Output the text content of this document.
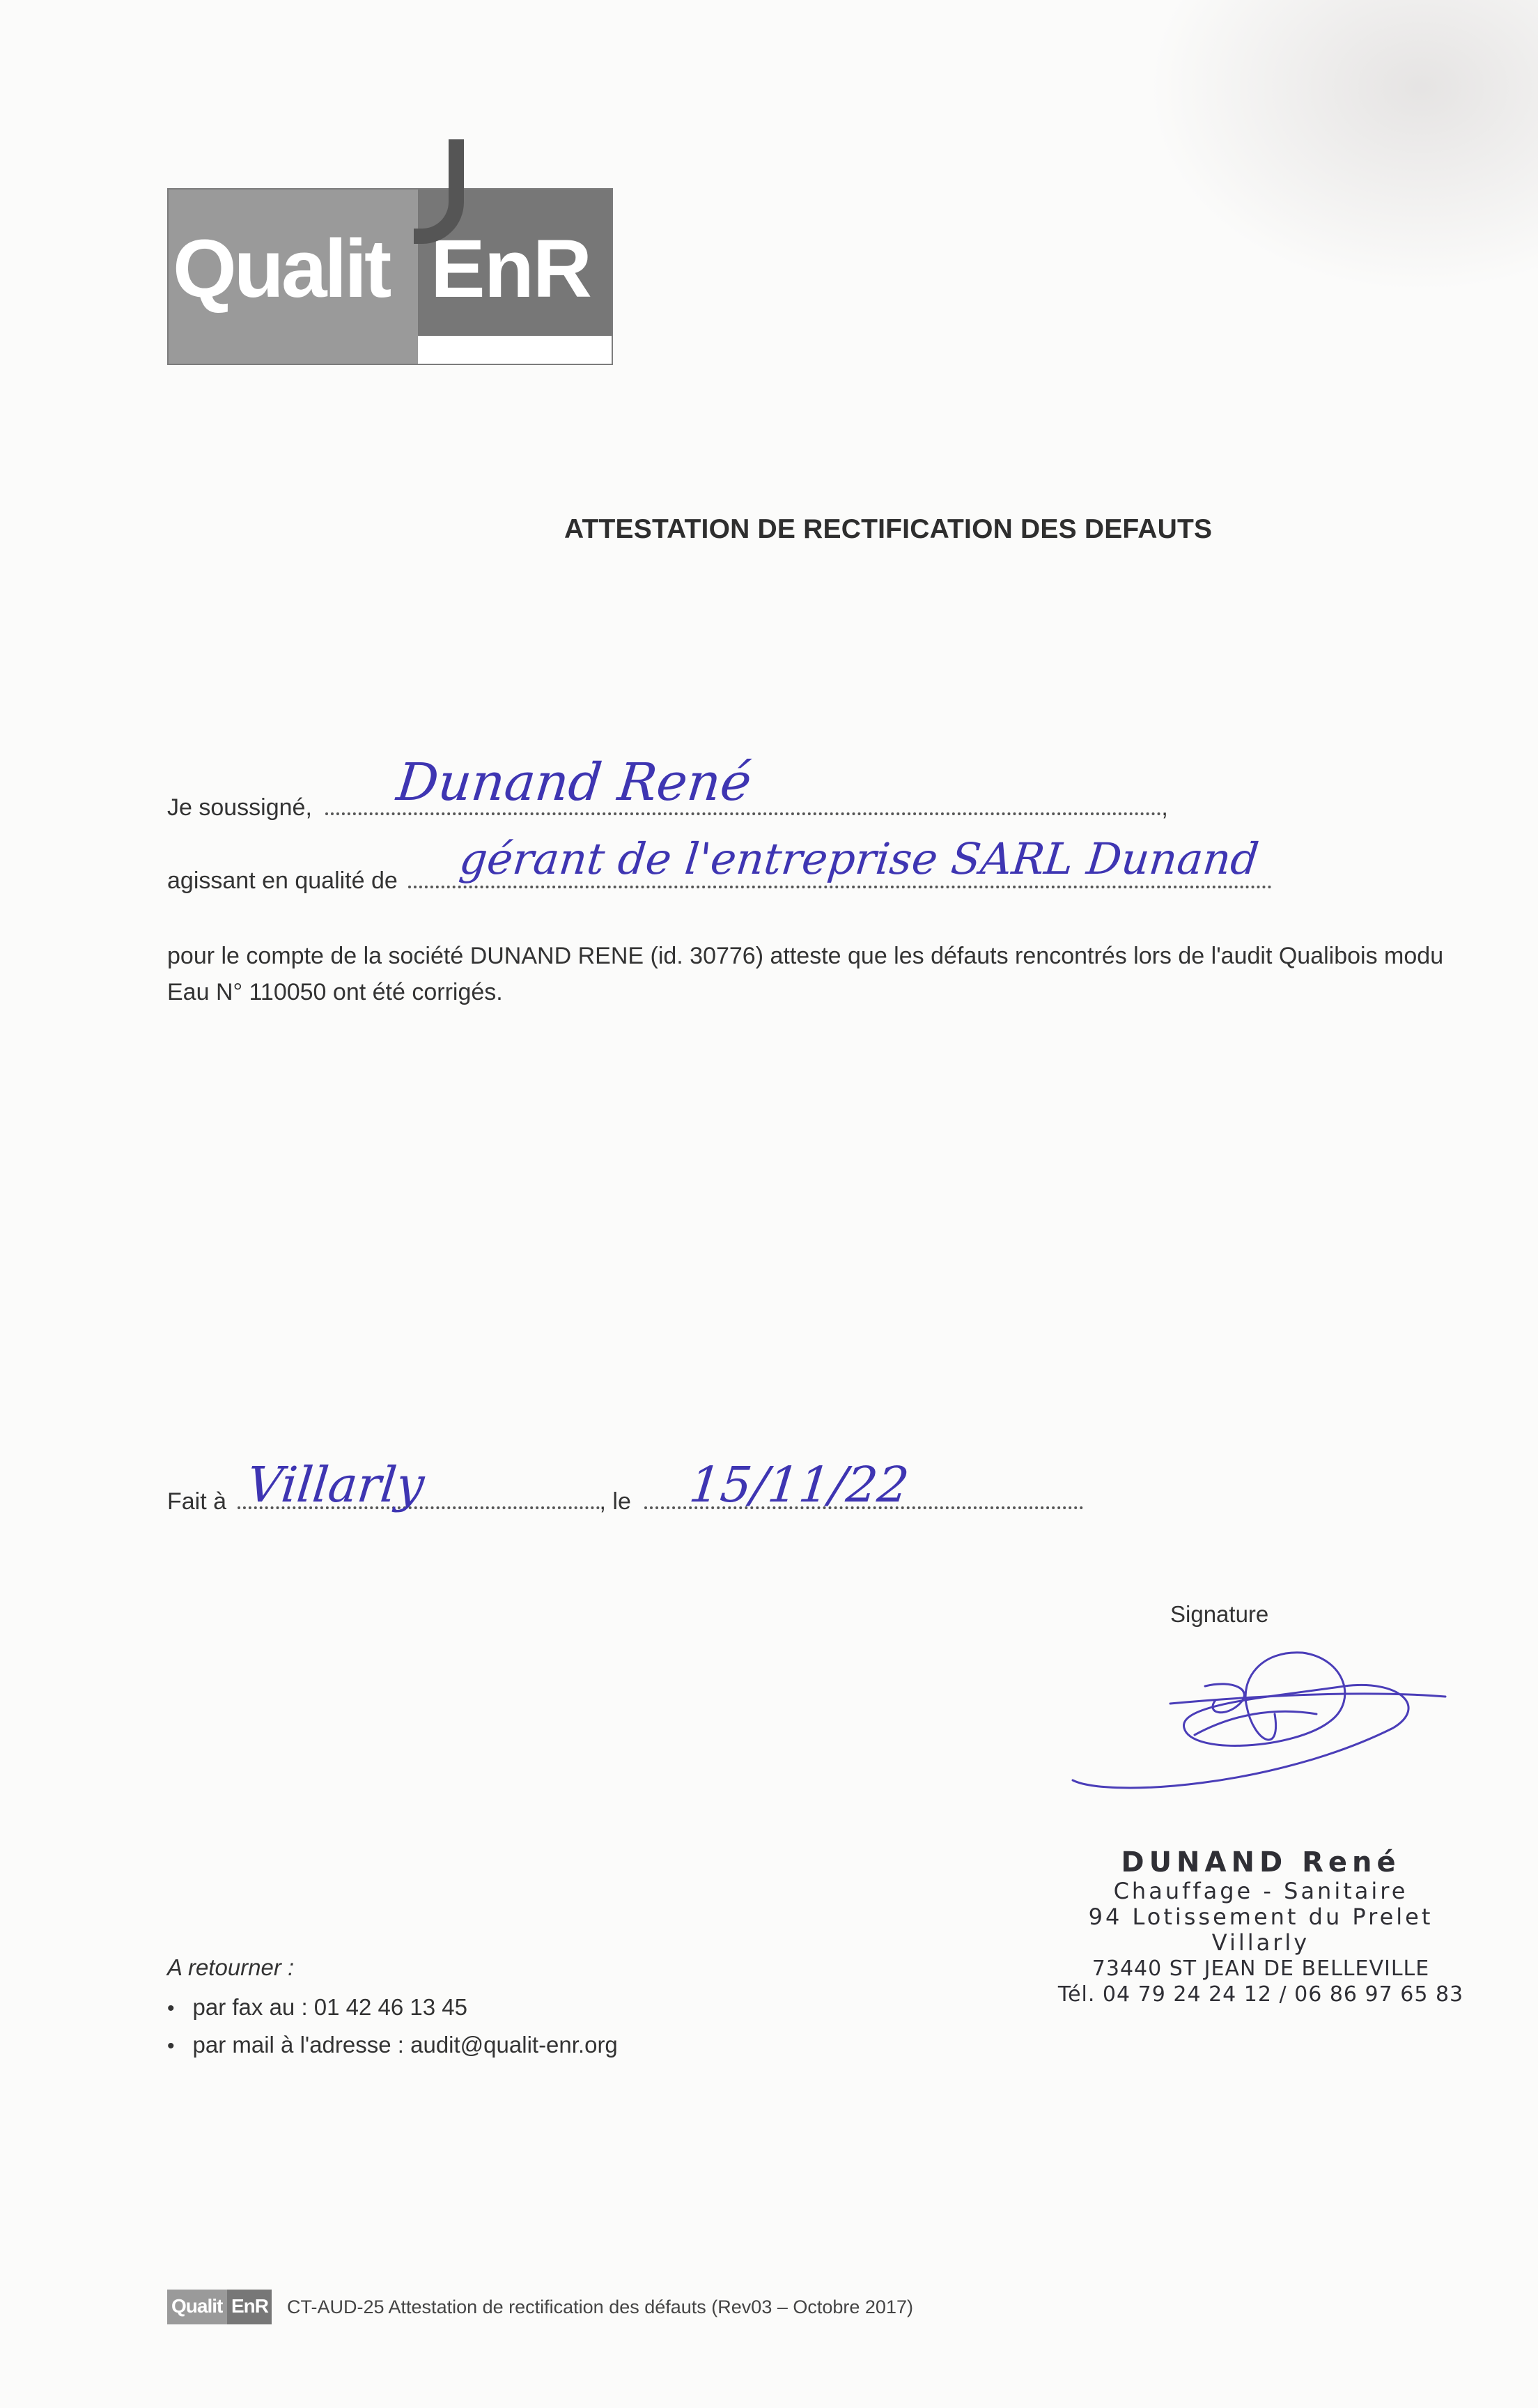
Qualit EnR
ATTESTATION DE RECTIFICATION DES DEFAUTS
Je soussigné,	,
Dunand René
agissant en qualité de	gérant de l'entreprise SARL Dunand
pour le compte de la société DUNAND RENE (id. 30776) atteste que les défauts rencontrés lors de l'audit Qualibois modu
Eau N° 110050 ont été corrigés.
Fait à	, le
Villarly	15/11/22
Signature
DUNAND René
Chauffage - Sanitaire
94 Lotissement du Prelet
Villarly
73440 ST JEAN DE BELLEVILLE
Tél. 04 79 24 24 12 / 06 86 97 65 83
A retourner :
• par fax au : 01 42 46 13 45
• par mail à l'adresse : audit@qualit-enr.org
Qualit EnR CT-AUD-25 Attestation de rectification des défauts (Rev03 – Octobre 2017)
